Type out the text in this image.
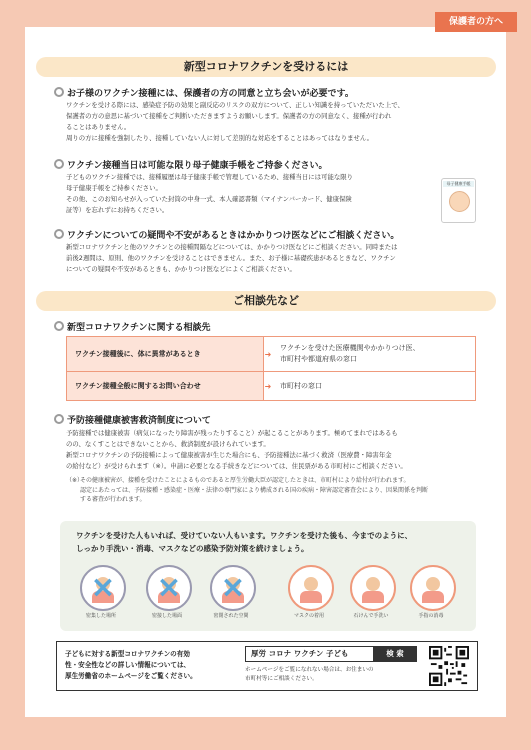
保護者の方へ
新型コロナワクチンを受けるには
お子様のワクチン接種には、保護者の方の同意と立ち会いが必要です。

ワクチンを受ける際には、感染症予防の効果と副反応のリスクの双方について、正しい知識を持っていただいた上で、

保護者の方の意思に基づいて接種をご判断いただきますようお願いします。保護者の方の同意なく、接種が行われ

ることはありません。

周りの方に接種を強制したり、接種していない人に対して差別的な対応をすることはあってはなりません。

ワクチン接種当日は可能な限り母子健康手帳をご持参ください。

子どものワクチン接種では、接種履歴は母子健康手帳で管理しているため、接種当日には可能な限り

母子健康手帳をご持参ください。

その他、このお知らせが入っていた封筒の中身一式、本人確認書類（マイナンバーカード、健康保険

証等）を忘れずにお持ちください。

母子健康手帳
ワクチンについての疑問や不安があるときはかかりつけ医などにご相談ください。

新型コロナワクチンと他のワクチンとの接種間隔などについては、かかりつけ医などにご相談ください。同時または

前後2週間は、原則、他のワクチンを受けることはできません。また、お子様に基礎疾患があるときなど、ワクチン

についての疑問や不安があるときも、かかりつけ医などによくご相談ください。

ご相談先など
新型コロナワクチンに関する相談先
ワクチン接種後に、体に異常があるとき	➜	ワクチンを受けた医療機関やかかりつけ医、
市町村や都道府県の窓口

ワクチン接種全般に関するお問い合わせ	➜	市町村の窓口
予防接種健康被害救済制度について

予防接種では健康被害（病気になったり障害が残ったりすること）が起こることがあります。極めてまれではあるも

のの、なくすことはできないことから、救済制度が設けられています。

新型コロナワクチンの予防接種によって健康被害が生じた場合にも、予防接種法に基づく救済（医療費・障害年金

の給付など）が受けられます（※）。申請に必要となる手続きなどについては、住民票がある市町村にご相談ください。

（※）
その健康被害が、接種を受けたことによるものであると厚生労働大臣が認定したときは、市町村により給付が行われます。
認定にあたっては、予防接種・感染症・医療・法律の専門家により構成される国の疾病・障害認定審査会により、因果関係を判断
する審査が行われます。
ワクチンを受けた人もいれば、受けていない人もいます。ワクチンを受けた後も、今までのように、
しっかり手洗い・消毒、マスクなどの感染予防対策を続けましょう。
× × ×
密集した場所	密接した場面	密閉された空間	マスクの着用	石けんで手洗い	手指の消毒
子どもに対する新型コロナワクチンの有効
性・安全性などの詳しい情報については、
厚生労働省のホームページをご覧ください。
厚労 コロナ ワクチン 子ども	検 索
ホームページをご覧になれない場合は、お住まいの
市町村等にご相談ください。
